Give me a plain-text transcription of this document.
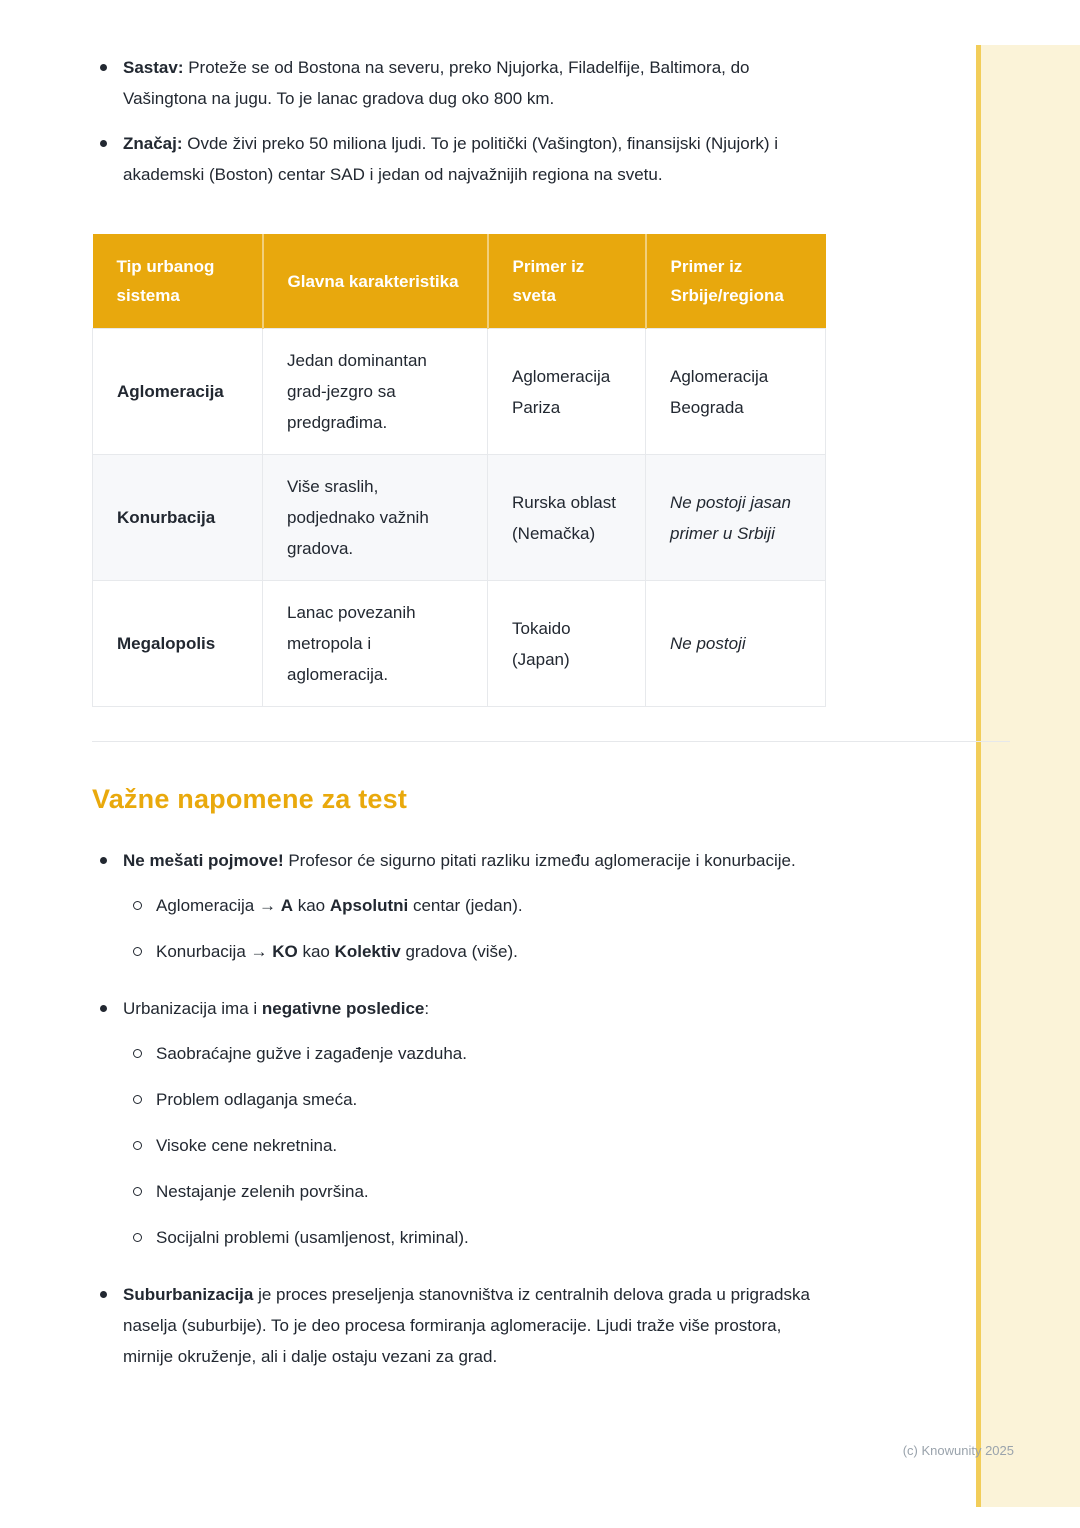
Sastav: Proteže se od Bostona na severu, preko Njujorka, Filadelfije, Baltimora, do Vašingtona na jugu. To je lanac gradova dug oko 800 km.
Značaj: Ovde živi preko 50 miliona ljudi. To je politički (Vašington), finansijski (Njujork) i akademski (Boston) centar SAD i jedan od najvažnijih regiona na svetu.
Tip urbanog sistema	Glavna karakteristika	Primer iz sveta	Primer iz Srbije/regiona
Aglomeracija	Jedan dominantan grad-jezgro sa predgrađima.	Aglomeracija Pariza	Aglomeracija Beograda
Konurbacija	Više sraslih, podjednako važnih gradova.	Rurska oblast (Nemačka)	Ne postoji jasan primer u Srbiji
Megalopolis	Lanac povezanih metropola i aglomeracija.	Tokaido (Japan)	Ne postoji
Važne napomene za test
Ne mešati pojmove! Profesor će sigurno pitati razliku između aglomeracije i konurbacije.
Aglomeracija → A kao Apsolutni centar (jedan).
Konurbacija → KO kao Kolektiv gradova (više).
Urbanizacija ima i negativne posledice:
Saobraćajne gužve i zagađenje vazduha.
Problem odlaganja smeća.
Visoke cene nekretnina.
Nestajanje zelenih površina.
Socijalni problemi (usamljenost, kriminal).
Suburbanizacija je proces preseljenja stanovništva iz centralnih delova grada u prigradska naselja (suburbije). To je deo procesa formiranja aglomeracije. Ljudi traže više prostora, mirnije okruženje, ali i dalje ostaju vezani za grad.
(c) Knowunity 2025
